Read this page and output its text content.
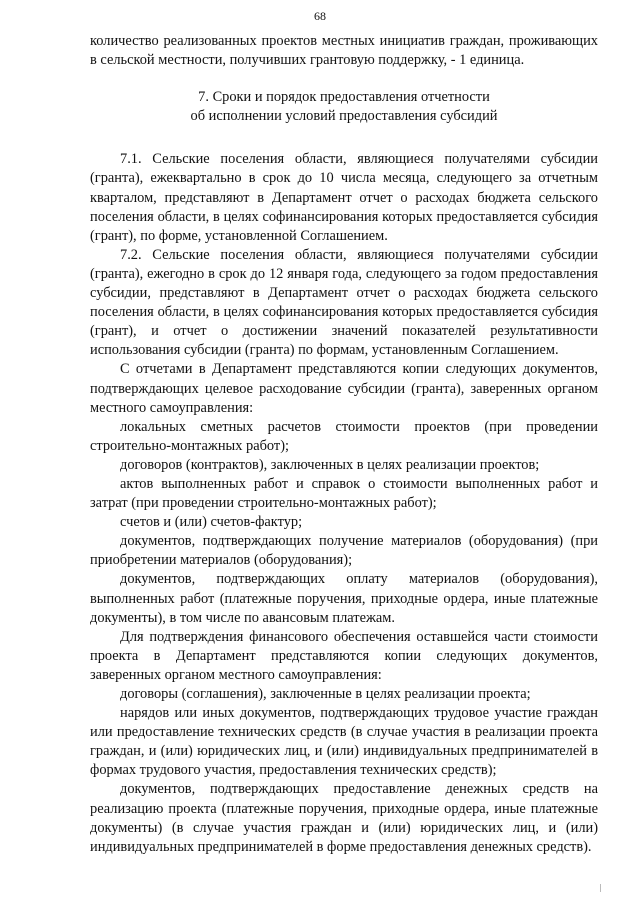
68

количество реализованных проектов местных инициатив граждан, проживающих в сельской местности, получивших грантовую поддержку, - 1 единица.

7. Сроки и порядок предоставления отчетности
об исполнении условий предоставления субсидий

7.1. Сельские поселения области, являющиеся получателями субсидии (гранта), ежеквартально в срок до 10 числа месяца, следующего за отчетным кварталом, представляют в Департамент отчет о расходах бюджета сельского поселения области, в целях софинансирования которых предоставляется субсидия (грант), по форме, установленной Соглашением.

7.2. Сельские поселения области, являющиеся получателями субсидии (гранта), ежегодно в срок до 12 января года, следующего за годом предоставления субсидии, представляют в Департамент отчет о расходах бюджета сельского поселения области, в целях софинансирования которых предоставляется субсидия (грант), и отчет о достижении значений показателей результативности использования субсидии (гранта) по формам, установленным Соглашением.

С отчетами в Департамент представляются копии следующих документов, подтверждающих целевое расходование субсидии (гранта), заверенных органом местного самоуправления:

локальных сметных расчетов стоимости проектов (при проведении строительно-монтажных работ);

договоров (контрактов), заключенных в целях реализации проектов;

актов выполненных работ и справок о стоимости выполненных работ и затрат (при проведении строительно-монтажных работ);

счетов и (или) счетов-фактур;

документов, подтверждающих получение материалов (оборудования) (при приобретении материалов (оборудования);

документов, подтверждающих оплату материалов (оборудования), выполненных работ (платежные поручения, приходные ордера, иные платежные документы), в том числе по авансовым платежам.

Для подтверждения финансового обеспечения оставшейся части стоимости проекта в Департамент представляются копии следующих документов, заверенных органом местного самоуправления:

договоры (соглашения), заключенные в целях реализации проекта;

нарядов или иных документов, подтверждающих трудовое участие граждан или предоставление технических средств (в случае участия в реализации проекта граждан, и (или) юридических лиц, и (или) индивидуальных предпринимателей в формах трудового участия, предоставления технических средств);

документов, подтверждающих предоставление денежных средств на реализацию проекта (платежные поручения, приходные ордера, иные платежные документы) (в случае участия граждан и (или) юридических лиц, и (или) индивидуальных предпринимателей в форме предоставления денежных средств).
